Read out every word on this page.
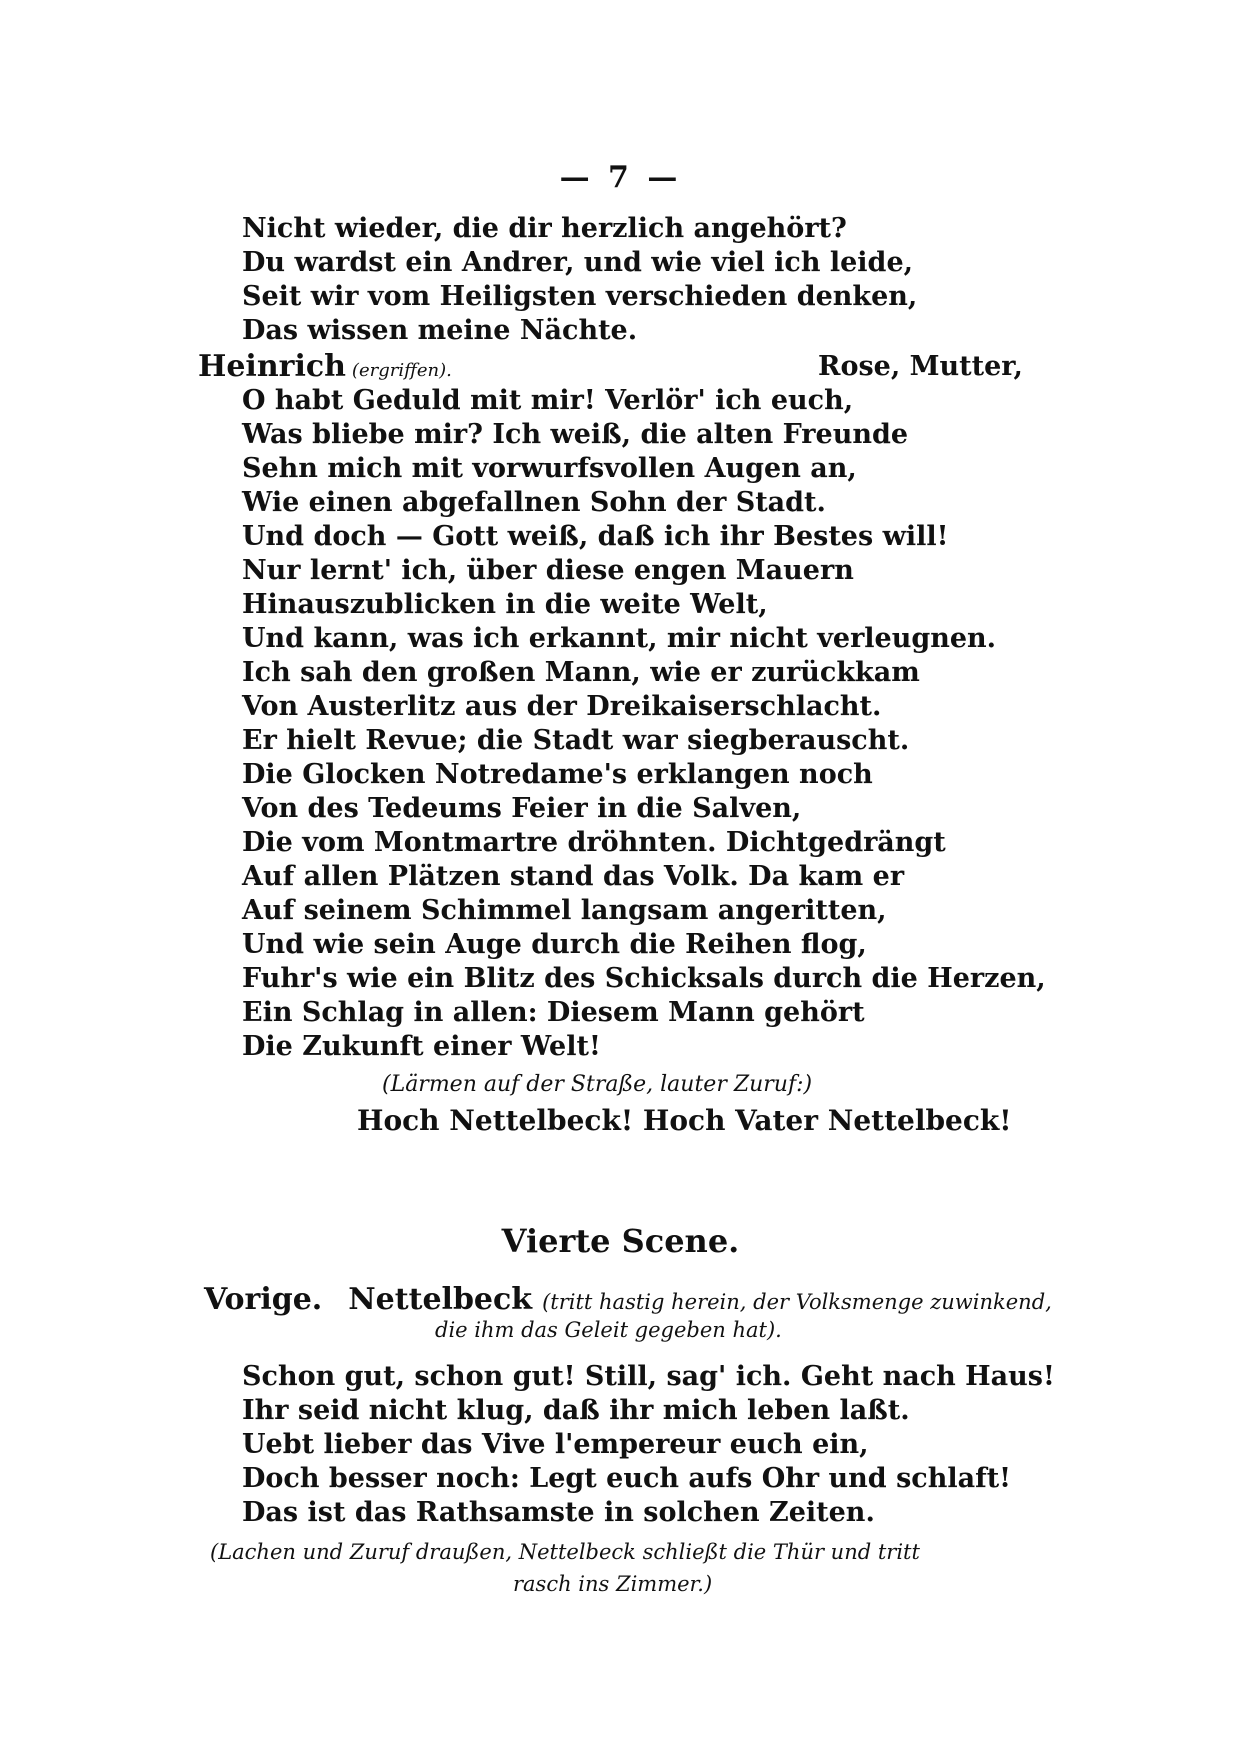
— 7 —
Nicht wieder, die dir herzlich angehört?
Du wardst ein Andrer, und wie viel ich leide,
Seit wir vom Heiligsten verschieden denken,
Das wissen meine Nächte.
Heinrich (ergriffen).	Rose, Mutter,
O habt Geduld mit mir! Verlör' ich euch,
Was bliebe mir? Ich weiß, die alten Freunde
Sehn mich mit vorwurfsvollen Augen an,
Wie einen abgefallnen Sohn der Stadt.
Und doch — Gott weiß, daß ich ihr Bestes will!
Nur lernt' ich, über diese engen Mauern
Hinauszublicken in die weite Welt,
Und kann, was ich erkannt, mir nicht verleugnen.
Ich sah den großen Mann, wie er zurückkam
Von Austerlitz aus der Dreikaiserschlacht.
Er hielt Revue; die Stadt war siegberauscht.
Die Glocken Notredame's erklangen noch
Von des Tedeums Feier in die Salven,
Die vom Montmartre dröhnten. Dichtgedrängt
Auf allen Plätzen stand das Volk. Da kam er
Auf seinem Schimmel langsam angeritten,
Und wie sein Auge durch die Reihen flog,
Fuhr's wie ein Blitz des Schicksals durch die Herzen,
Ein Schlag in allen: Diesem Mann gehört
Die Zukunft einer Welt!
(Lärmen auf der Straße, lauter Zuruf:)
Hoch Nettelbeck! Hoch Vater Nettelbeck!
Vierte Scene.
Vorige. Nettelbeck (tritt hastig herein, der Volksmenge zuwinkend,
die ihm das Geleit gegeben hat).
Schon gut, schon gut! Still, sag' ich. Geht nach Haus!
Ihr seid nicht klug, daß ihr mich leben laßt.
Uebt lieber das Vive l'empereur euch ein,
Doch besser noch: Legt euch aufs Ohr und schlaft!
Das ist das Rathsamste in solchen Zeiten.
(Lachen und Zuruf draußen, Nettelbeck schließt die Thür und tritt
rasch ins Zimmer.)
